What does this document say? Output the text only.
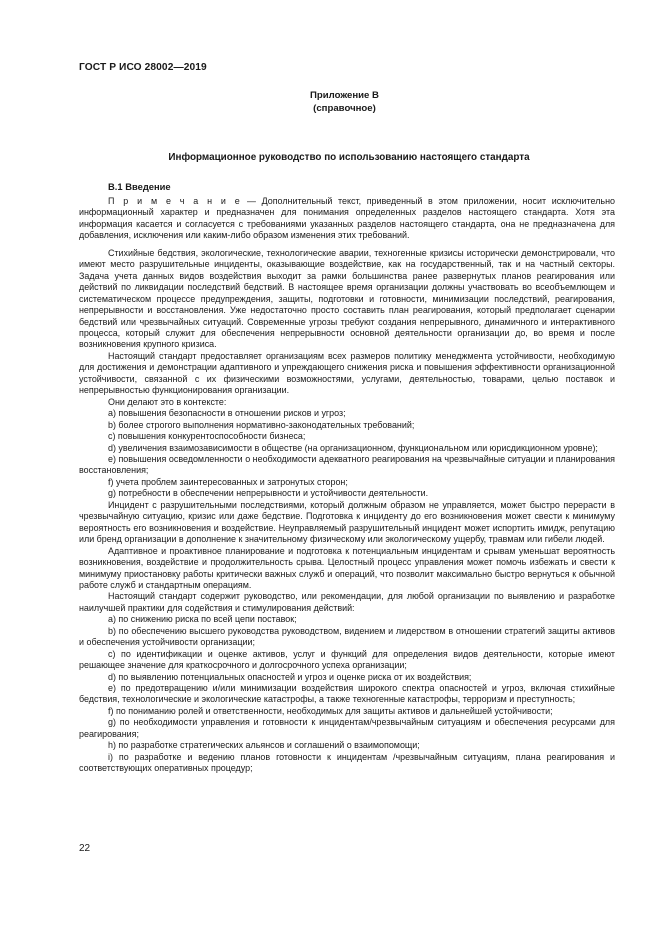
ГОСТ Р ИСО 28002—2019
Приложение В
(справочное)
Информационное руководство по использованию настоящего стандарта
В.1 Введение

П р и м е ч а н и е — Дополнительный текст, приведенный в этом приложении, носит исключительно информационный характер и предназначен для понимания определенных разделов настоящего стандарта. Хотя эта информация касается и согласуется с требованиями указанных разделов настоящего стандарта, она не предназначена для добавления, исключения или каким-либо образом изменения этих требований.

Стихийные бедствия, экологические, технологические аварии, техногенные кризисы исторически демонстрировали, что имеют место разрушительные инциденты, оказывающие воздействие, как на государственный, так и на частный секторы. Задача учета данных видов воздействия выходит за рамки большинства ранее развернутых планов реагирования или действий по ликвидации последствий бедствий. В настоящее время организации должны участвовать во всеобъемлющем и систематическом процессе предупреждения, защиты, подготовки и готовности, минимизации последствий, реагирования, непрерывности и восстановления. Уже недостаточно просто составить план реагирования, который предполагает сценарии бедствий или чрезвычайных ситуаций. Современные угрозы требуют создания непрерывного, динамичного и интерактивного процесса, который служит для обеспечения непрерывности основной деятельности организации до, во время и после возникновения крупного кризиса.

Настоящий стандарт предоставляет организациям всех размеров политику менеджмента устойчивости, необходимую для достижения и демонстрации адаптивного и упреждающего снижения риска и повышения эффективности организационной устойчивости, связанной с их физическими возможностями, услугами, деятельностью, товарами, целью поставок и непрерывностью функционирования организации.

Они делают это в контексте:

a) повышения безопасности в отношении рисков и угроз;

b) более строгого выполнения нормативно-законодательных требований;

c) повышения конкурентоспособности бизнеса;

d) увеличения взаимозависимости в обществе (на организационном, функциональном или юрисдикционном уровне);

e) повышения осведомленности о необходимости адекватного реагирования на чрезвычайные ситуации и планирования восстановления;

f) учета проблем заинтересованных и затронутых сторон;

g) потребности в обеспечении непрерывности и устойчивости деятельности.

Инцидент с разрушительными последствиями, который должным образом не управляется, может быстро перерасти в чрезвычайную ситуацию, кризис или даже бедствие. Подготовка к инциденту до его возникновения может свести к минимуму вероятность его возникновения и воздействие. Неуправляемый разрушительный инцидент может испортить имидж, репутацию или бренд организации в дополнение к значительному физическому или экологическому ущербу, травмам или гибели людей.

Адаптивное и проактивное планирование и подготовка к потенциальным инцидентам и срывам уменьшат вероятность возникновения, воздействие и продолжительность срыва. Целостный процесс управления может помочь избежать и свести к минимуму приостановку работы критически важных служб и операций, что позволит максимально быстро вернуться к обычной работе служб и стандартным операциям.

Настоящий стандарт содержит руководство, или рекомендации, для любой организации по выявлению и разработке наилучшей практики для содействия и стимулирования действий:

a) по снижению риска по всей цепи поставок;

b) по обеспечению высшего руководства руководством, видением и лидерством в отношении стратегий защиты активов и обеспечения устойчивости организации;

c) по идентификации и оценке активов, услуг и функций для определения видов деятельности, которые имеют решающее значение для краткосрочного и долгосрочного успеха организации;

d) по выявлению потенциальных опасностей и угроз и оценке риска от их воздействия;

e) по предотвращению и/или минимизации воздействия широкого спектра опасностей и угроз, включая стихийные бедствия, технологические и экологические катастрофы, а также техногенные катастрофы, терроризм и преступность;

f) по пониманию ролей и ответственности, необходимых для защиты активов и дальнейшей устойчивости;

g) по необходимости управления и готовности к инцидентам/чрезвычайным ситуациям и обеспечения ресурсами для реагирования;

h) по разработке стратегических альянсов и соглашений о взаимопомощи;

i) по разработке и ведению планов готовности к инцидентам /чрезвычайным ситуациям, плана реагирования и соответствующих оперативных процедур;

22
